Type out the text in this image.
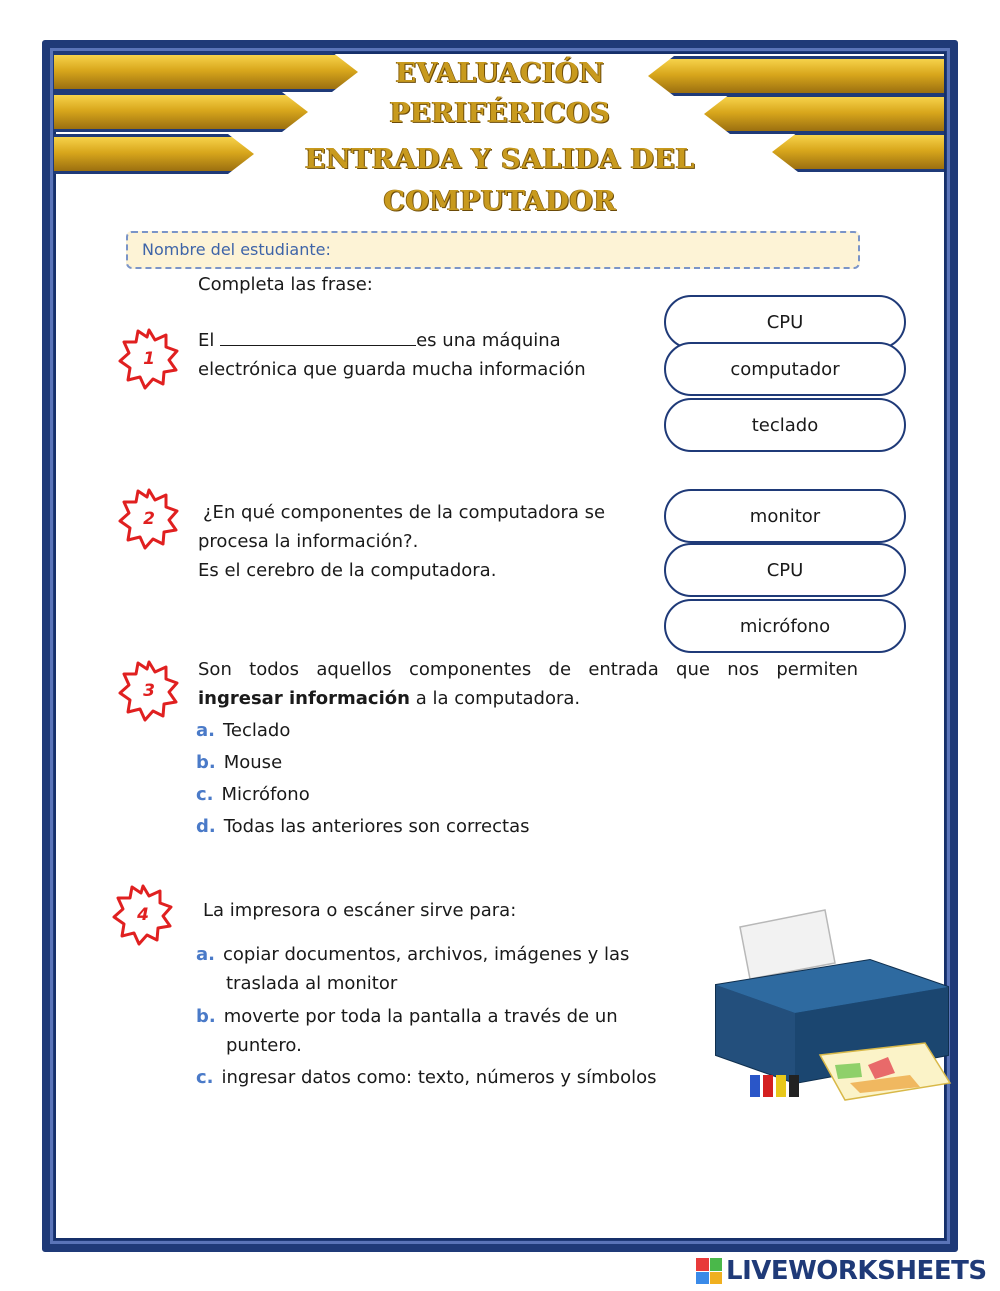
EVALUACIÓN
PERIFÉRICOS
ENTRADA Y SALIDA DEL
COMPUTADOR
Nombre del estudiante:
Completa las frase:
1
El	es una máquina
electrónica que guarda mucha información
CPU
computador
teclado
2	¿En qué componentes de la computadora se
procesa la información?.
Es el cerebro de la computadora.
monitor
CPU
micrófono
3
Son todos aquellos componentes de entrada que nos permiten
ingresar información a la computadora.
a. Teclado
b. Mouse
c. Micrófono
d. Todas las anteriores son correctas
4	La impresora o escáner sirve para:
a. copiar documentos, archivos, imágenes y las
traslada al monitor
b. moverte por toda la pantalla a través de un
puntero.
c. ingresar datos como: texto, números y símbolos
LIVEWORKSHEETS
